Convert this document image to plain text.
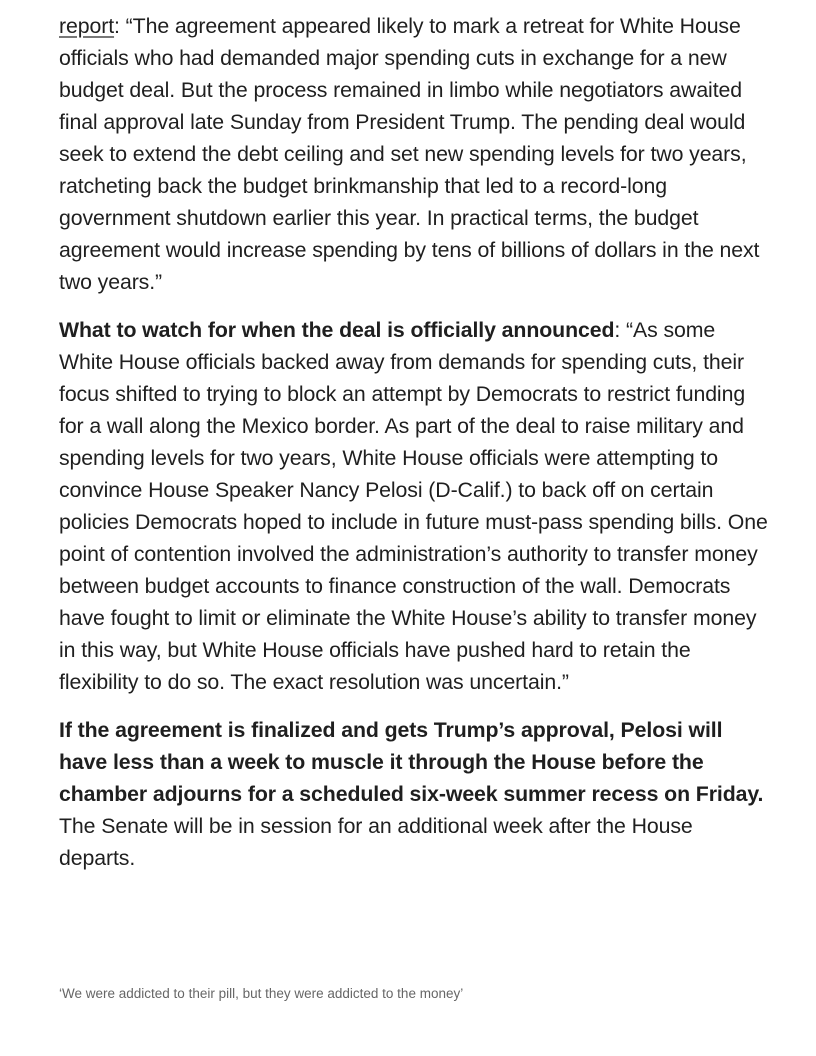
report: “The agreement appeared likely to mark a retreat for White House officials who had demanded major spending cuts in exchange for a new budget deal. But the process remained in limbo while negotiators awaited final approval late Sunday from President Trump. The pending deal would seek to extend the debt ceiling and set new spending levels for two years, ratcheting back the budget brinkmanship that led to a record-long government shutdown earlier this year. In practical terms, the budget agreement would increase spending by tens of billions of dollars in the next two years.”

What to watch for when the deal is officially announced: “As some White House officials backed away from demands for spending cuts, their focus shifted to trying to block an attempt by Democrats to restrict funding for a wall along the Mexico border. As part of the deal to raise military and spending levels for two years, White House officials were attempting to convince House Speaker Nancy Pelosi (D-Calif.) to back off on certain policies Democrats hoped to include in future must-pass spending bills. One point of contention involved the administration’s authority to transfer money between budget accounts to finance construction of the wall. Democrats have fought to limit or eliminate the White House’s ability to transfer money in this way, but White House officials have pushed hard to retain the flexibility to do so. The exact resolution was uncertain.”

If the agreement is finalized and gets Trump’s approval, Pelosi will have less than a week to muscle it through the House before the chamber adjourns for a scheduled six-week summer recess on Friday. The Senate will be in session for an additional week after the House departs.

‘We were addicted to their pill, but they were addicted to the money’
